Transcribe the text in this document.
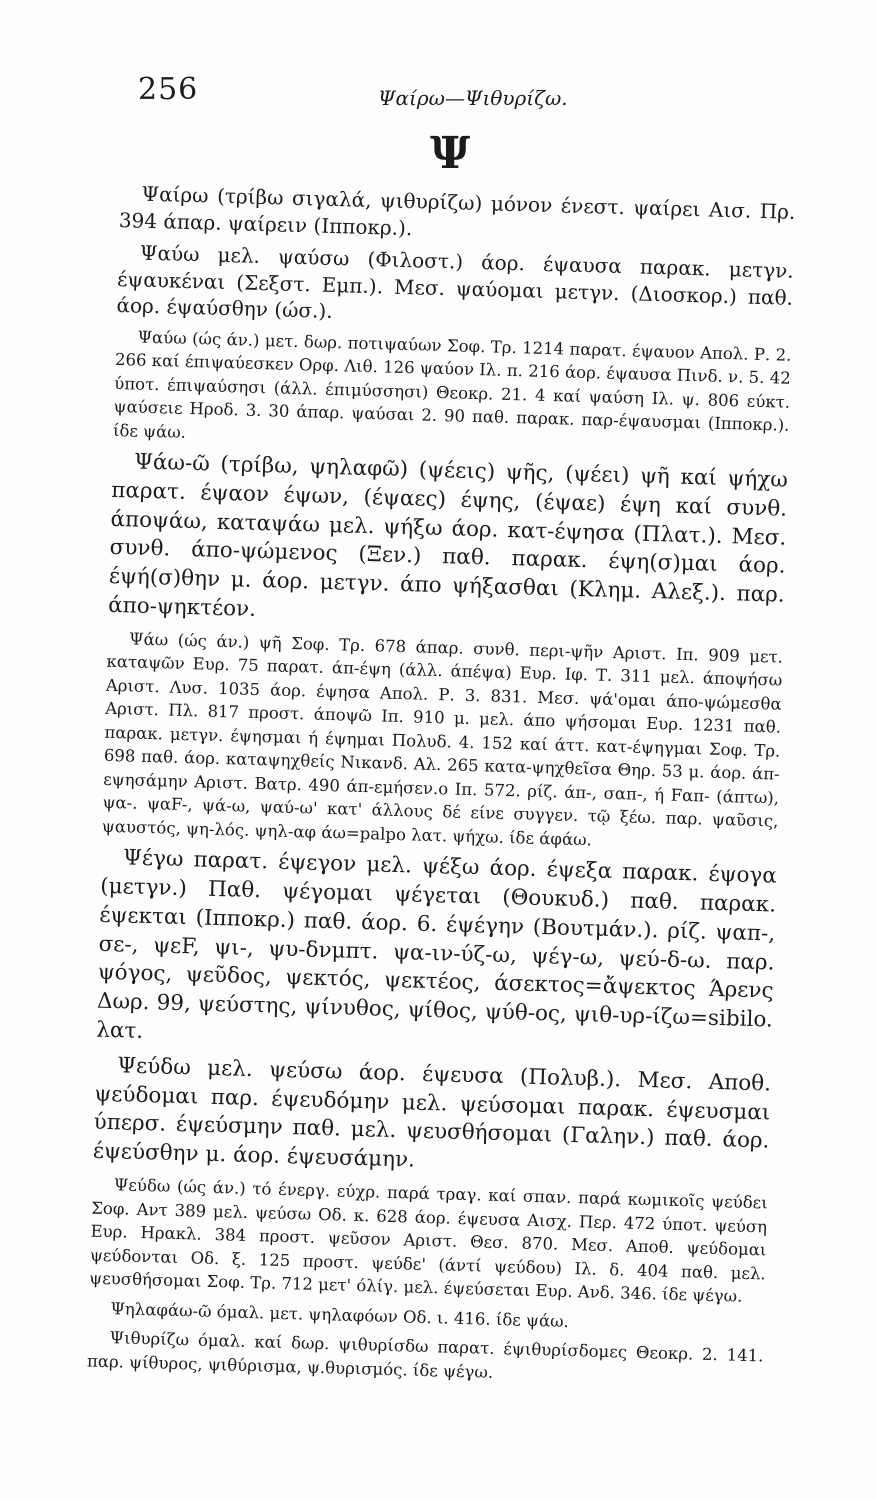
256	Ψαίρω—Ψιθυρίζω.
Ψ

Ψαίρω (τρίβω σιγαλά, ψιθυρίζω) μόνον ένεστ. ψαίρει Αισ. Πρ. 394 άπαρ. ψαίρειν (Ιπποκρ.).

Ψαύω μελ. ψαύσω (Φιλοστ.) άορ. έψαυσα παρακ. μετγν. έψαυκέναι (Σεξστ. Εμπ.). Μεσ. ψαύομαι μετγν. (Διοσκορ.) παθ. άορ. έψαύσθην (ώσ.).

Ψαύω (ώς άν.) μετ. δωρ. ποτιψαύων Σοφ. Τρ. 1214 παρατ. έψαυον Απολ. Ρ. 2. 266 καί έπιψαύεσκεν Ορφ. Λιθ. 126 ψαύον Ιλ. π. 216 άορ. έψαυσα Πινδ. ν. 5. 42 ύποτ. έπιψαύσησι (άλλ. έπιμύσσησι) Θεοκρ. 21. 4 καί ψαύση Ιλ. ψ. 806 εύκτ. ψαύσειε Ηροδ. 3. 30 άπαρ. ψαύσαι 2. 90 παθ. παρακ. παρ-έψαυσμαι (Ιπποκρ.). ίδε ψάω.

Ψάω-ῶ (τρίβω, ψηλαφῶ) (ψέεις) ψῆς, (ψέει) ψῆ καί ψήχω παρατ. έψαον έψων, (έψαες) έψης, (έψαε) έψη καί συνθ. άποψάω, καταψάω μελ. ψήξω άορ. κατ-έψησα (Πλατ.). Μεσ. συνθ. άπο-ψώμενος (Ξεν.) παθ. παρακ. έψη(σ)μαι άορ. έψή(σ)θην μ. άορ. μετγν. άπο ψήξασθαι (Κλημ. Αλεξ.). παρ. άπο-ψηκτέον.

Ψάω (ώς άν.) ψῆ Σοφ. Τρ. 678 άπαρ. συνθ. περι-ψῆν Αριστ. Ιπ. 909 μετ. καταψῶν Ευρ. 75 παρατ. άπ-έψη (άλλ. άπέψα) Ευρ. Ιφ. Τ. 311 μελ. άποψήσω Αριστ. Λυσ. 1035 άορ. έψησα Απολ. Ρ. 3. 831. Μεσ. ψά'ομαι άπο-ψώμεσθα Αριστ. Πλ. 817 προστ. άποψῶ Ιπ. 910 μ. μελ. άπο ψήσομαι Ευρ. 1231 παθ. παρακ. μετγν. έψησμαι ή έψημαι Πολυδ. 4. 152 καί άττ. κατ-έψηγμαι Σοφ. Τρ. 698 παθ. άορ. καταψηχθείς Νικανδ. Αλ. 265 κατα-ψηχθεῖσα Θηρ. 53 μ. άορ. άπ-εψησάμην Αριστ. Βατρ. 490 άπ-εμήσεν.ο Ιπ. 572. ρίζ. άπ-, σαπ-, ή Fαπ- (άπτω), ψα-. ψαF-, ψά-ω, ψαύ-ω' κατ' άλλους δέ είνε συγγεν. τῷ ξέω. παρ. ψαῦσις, ψαυστός, ψη-λός. ψηλ-αφ άω=palpo λατ. ψήχω. ίδε άφάω.

Ψέγω παρατ. έψεγον μελ. ψέξω άορ. έψεξα παρακ. έψογα (μετγν.) Παθ. ψέγομαι ψέγεται (Θουκυδ.) παθ. παρακ. έψεκται (Ιπποκρ.) παθ. άορ. 6. έψέγην (Βουτμάν.). ρίζ. ψαπ-, σε-, ψεF, ψι-, ψυ-δνμπτ. ψα-ιν-ύζ-ω, ψέγ-ω, ψεύ-δ-ω. παρ. ψόγος, ψεῦδος, ψεκτός, ψεκτέος, άσεκτος=ἄψεκτος Άρενς Δωρ. 99, ψεύστης, ψίνυθος, ψίθος, ψύθ-ος, ψιθ-υρ-ίζω=sibilo. λατ.

Ψεύδω μελ. ψεύσω άορ. έψευσα (Πολυβ.). Μεσ. Αποθ. ψεύδομαι παρ. έψευδόμην μελ. ψεύσομαι παρακ. έψευσμαι ύπερσ. έψεύσμην παθ. μελ. ψευσθήσομαι (Γαλην.) παθ. άορ. έψεύσθην μ. άορ. έψευσάμην.

Ψεύδω (ώς άν.) τό ένεργ. εύχρ. παρά τραγ. καί σπαν. παρά κωμικοῖς ψεύδει Σοφ. Αντ 389 μελ. ψεύσω Οδ. κ. 628 άορ. έψευσα Αισχ. Περ. 472 ύποτ. ψεύση Ευρ. Ηρακλ. 384 προστ. ψεῦσον Αριστ. Θεσ. 870. Μεσ. Αποθ. ψεύδομαι ψεύδονται Οδ. ξ. 125 προστ. ψεύδε' (άντί ψεύδου) Ιλ. δ. 404 παθ. μελ. ψευσθήσομαι Σοφ. Τρ. 712 μετ' όλίγ. μελ. έψεύσεται Ευρ. Ανδ. 346. ίδε ψέγω.

Ψηλαφάω-ῶ όμαλ. μετ. ψηλαφόων Οδ. ι. 416. ίδε ψάω.

Ψιθυρίζω όμαλ. καί δωρ. ψιθυρίσδω παρατ. έψιθυρίσδομες Θεοκρ. 2. 141. παρ. ψίθυρος, ψιθύρισμα, ψ.θυρισμός. ίδε ψέγω.
